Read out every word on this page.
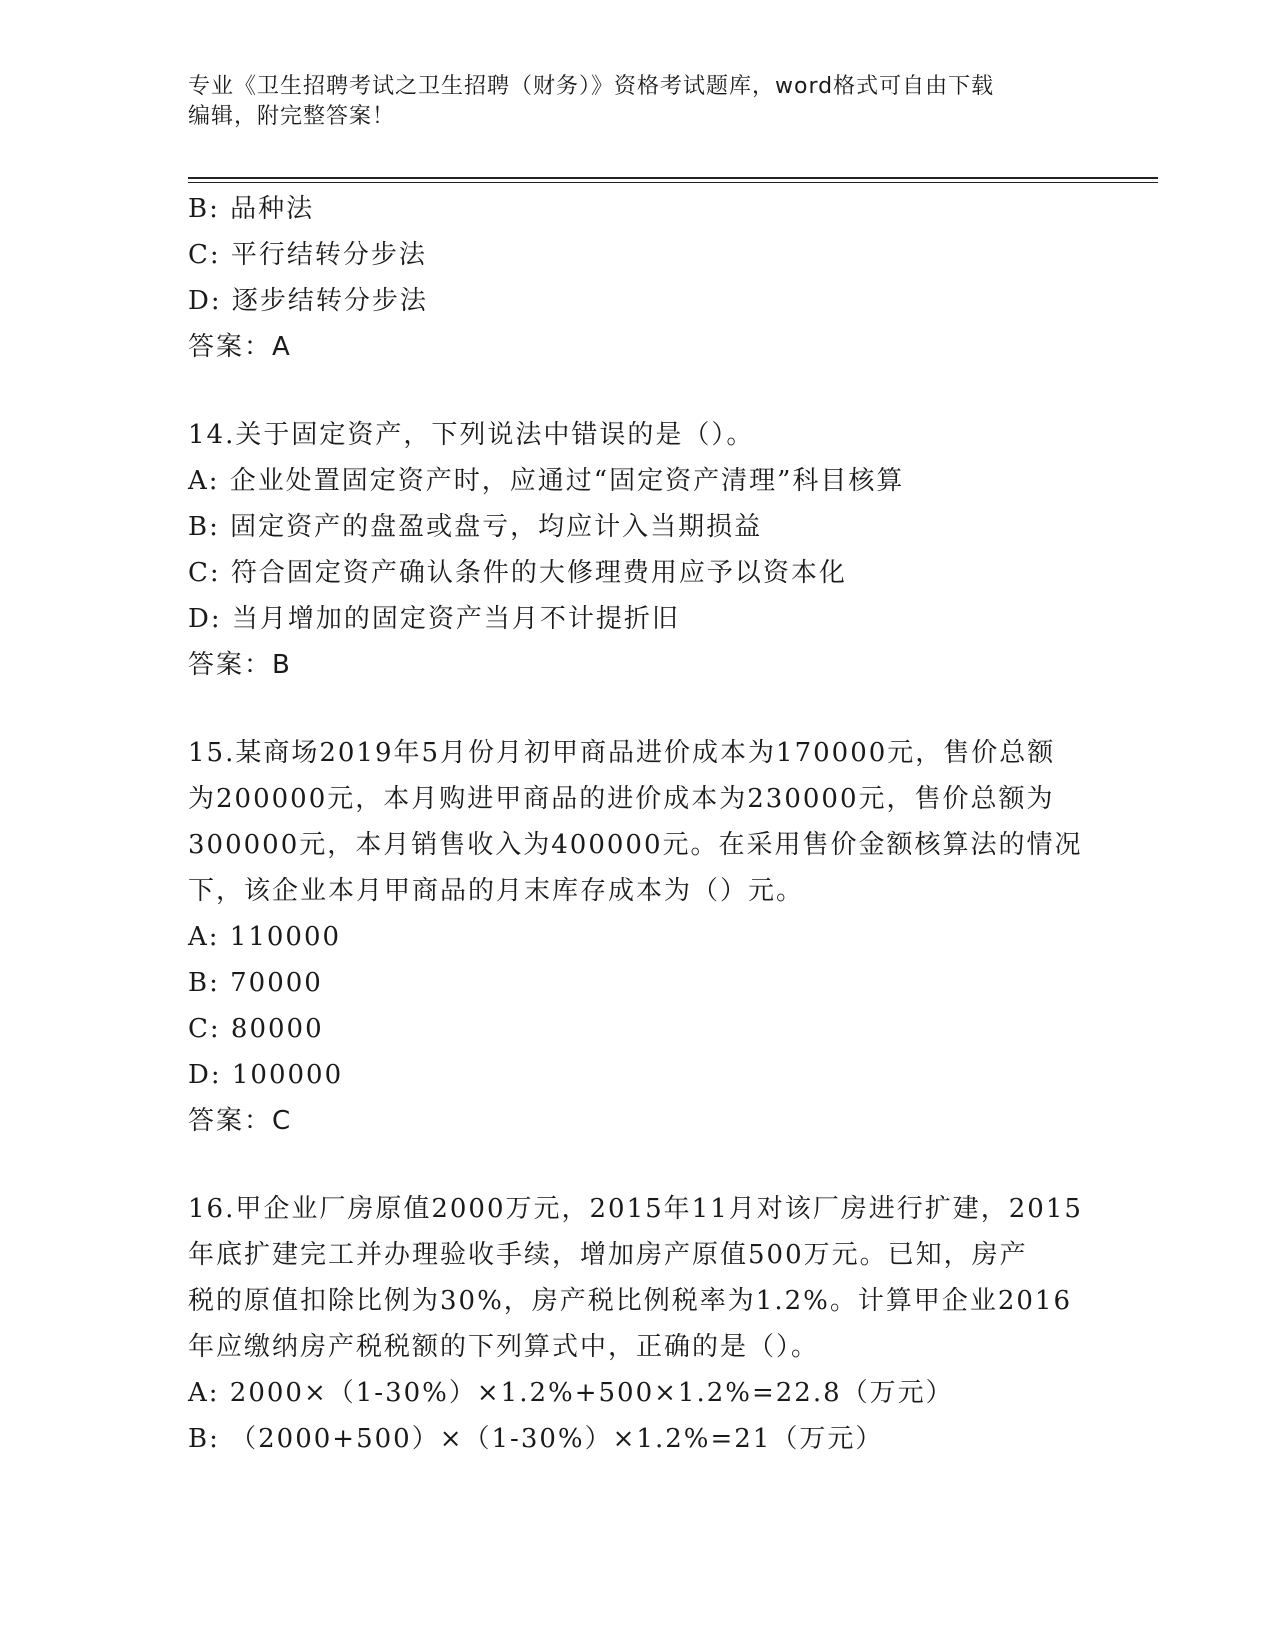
专业《卫生招聘考试之卫生招聘（财务）》资格考试题库，word格式可自由下载
编辑，附完整答案！
B: 品种法
C: 平行结转分步法
D: 逐步结转分步法
答案：A
14.关于固定资产，下列说法中错误的是（）。
A: 企业处置固定资产时，应通过“固定资产清理”科目核算
B: 固定资产的盘盈或盘亏，均应计入当期损益
C: 符合固定资产确认条件的大修理费用应予以资本化
D: 当月增加的固定资产当月不计提折旧
答案：B
15.某商场2019年5月份月初甲商品进价成本为170000元，售价总额
为200000元，本月购进甲商品的进价成本为230000元，售价总额为
300000元，本月销售收入为400000元。在采用售价金额核算法的情况
下，该企业本月甲商品的月末库存成本为（）元。
A: 110000
B: 70000
C: 80000
D: 100000
答案：C
16.甲企业厂房原值2000万元，2015年11月对该厂房进行扩建，2015
年底扩建完工并办理验收手续，增加房产原值500万元。已知，房产
税的原值扣除比例为30%，房产税比例税率为1.2%。计算甲企业2016
年应缴纳房产税税额的下列算式中，正确的是（）。
A: 2000×（1-30%）×1.2%+500×1.2%=22.8（万元）
B: （2000+500）×（1-30%）×1.2%=21（万元）
